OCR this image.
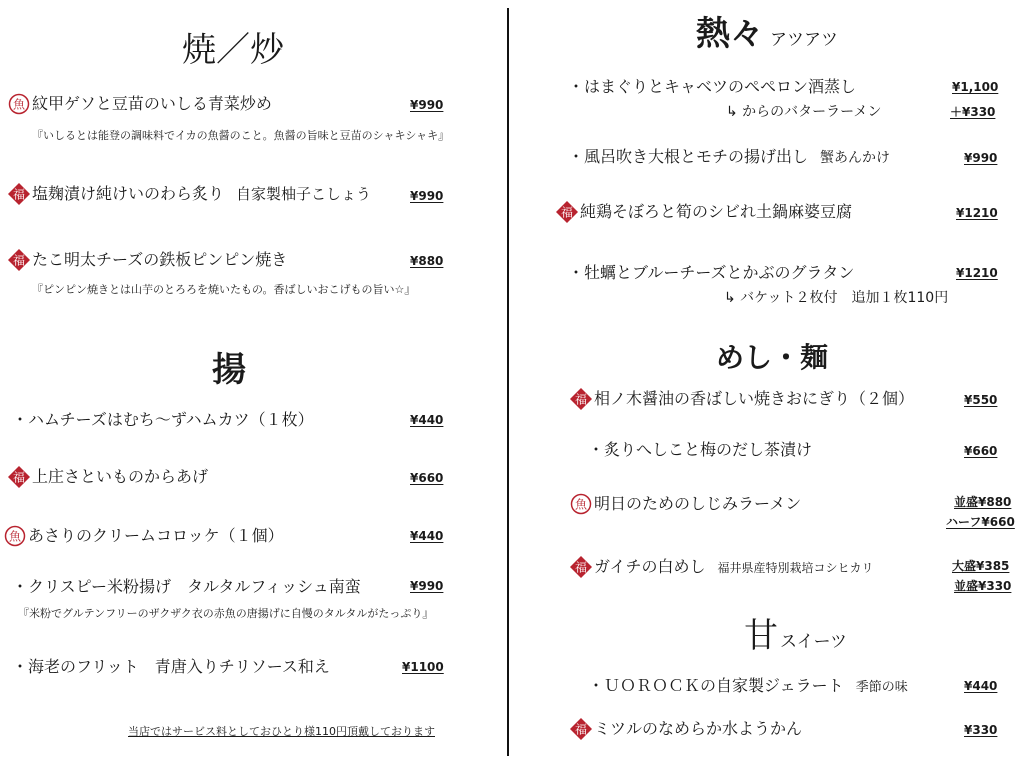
焼／炒
魚 紋甲ゲソと豆苗のいしる青菜炒め	¥990
『いしるとは能登の調味料でイカの魚醤のこと。魚醤の旨味と豆苗のシャキシャキ』
福 塩麹漬け純けいのわら炙り 自家製柚子こしょう	¥990
福 たこ明太チーズの鉄板ピンピン焼き	¥880
『ピンピン焼きとは山芋のとろろを焼いたもの。香ばしいおこげもの旨い☆』
揚
・ハムチーズはむち〜ずハムカツ（１枚）	¥440
福 上庄さといものからあげ	¥660
魚 あさりのクリームコロッケ（１個）	¥440
・クリスピー米粉揚げ　タルタルフィッシュ南蛮	¥990
『米粉でグルテンフリーのザクザク衣の赤魚の唐揚げに自慢のタルタルがたっぷり』
・海老のフリット　青唐入りチリソース和え	¥1100
当店ではサービス料としておひとり様110円頂戴しております
熱々 アツアツ
・はまぐりとキャベツのペペロン酒蒸し	¥1,100
↳ からのバターラーメン	＋¥330
・風呂吹き大根とモチの揚げ出し 蟹あんかけ	¥990
福 純鶏そぼろと筍のシビれ土鍋麻婆豆腐	¥1210
・牡蠣とブルーチーズとかぶのグラタン	¥1210
↳ バケット２枚付　追加１枚110円
めし・麺
福 相ノ木醤油の香ばしい焼きおにぎり（２個）	¥550
・炙りへしこと梅のだし茶漬け	¥660
魚 明日のためのしじみラーメン	並盛¥880
ハーフ¥660
福 ガイチの白めし 福井県産特別栽培コシヒカリ	大盛¥385
並盛¥330
甘スイーツ
・ＵＯＲＯＣＫの自家製ジェラート 季節の味	¥440
福 ミツルのなめらか水ようかん	¥330
